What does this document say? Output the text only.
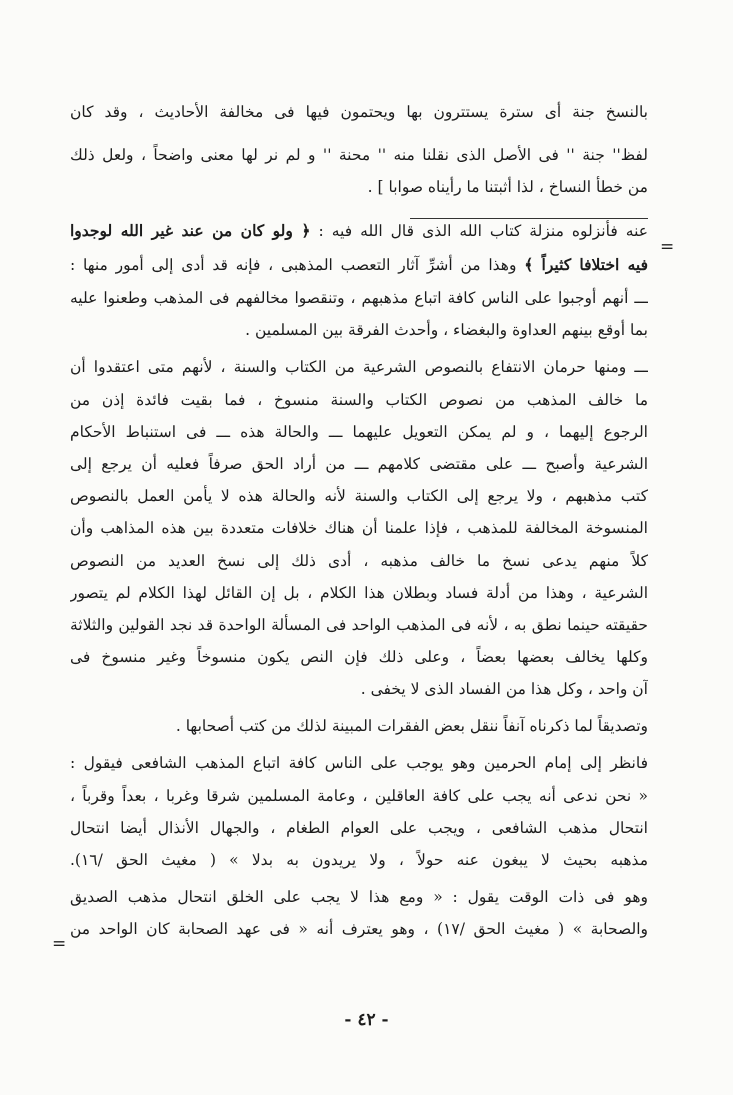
بالنسخ جنة أى سترة يستترون بها ويحتمون فيها فى مخالفة الأحاديث ، وقد كان
لفظ'' جنة '' فى الأصل الذى نقلنا منه '' محنة '' و لم نر لها معنى واضحاً ، ولعل ذلك
من خطأ النساخ ، لذا أثبتنا ما رأيناه صوابا ] .
=
عنه فأنزلوه منزلة كتاب الله الذى قال الله فيه : ﴿ ولو كان من عند غير الله لوجدوا
فيه اختلافا كثيراً ﴾ وهذا من أشرِّ آثار التعصب المذهبى ، فإنه قد أدى إلى أمور منها :
ـــ أنهم أوجبوا على الناس كافة اتباع مذهبهم ، وتنقصوا مخالفهم فى المذهب وطعنوا عليه
بما أوقع بينهم العداوة والبغضاء ، وأحدث الفرقة بين المسلمين .
ـــ ومنها حرمان الانتفاع بالنصوص الشرعية من الكتاب والسنة ، لأنهم متى اعتقدوا أن
ما خالف المذهب من نصوص الكتاب والسنة منسوخ ، فما بقيت فائدة إذن من
الرجوع إليهما ، و لم يمكن التعويل عليهما ـــ والحالة هذه ـــ فى استنباط الأحكام
الشرعية وأصبح ـــ على مقتضى كلامهم ـــ من أراد الحق صرفاً فعليه أن يرجع إلى
كتب مذهبهم ، ولا يرجع إلى الكتاب والسنة لأنه والحالة هذه لا يأمن العمل بالنصوص
المنسوخة المخالفة للمذهب ، فإذا علمنا أن هناك خلافات متعددة بين هذه المذاهب وأن
كلاً منهم يدعى نسخ ما خالف مذهبه ، أدى ذلك إلى نسخ العديد من النصوص
الشرعية ، وهذا من أدلة فساد وبطلان هذا الكلام ، بل إن القائل لهذا الكلام لم يتصور
حقيقته حينما نطق به ، لأنه فى المذهب الواحد فى المسألة الواحدة قد نجد القولين والثلاثة
وكلها يخالف بعضها بعضاً ، وعلى ذلك فإن النص يكون منسوخاً وغير منسوخ فى
آن واحد ، وكل هذا من الفساد الذى لا يخفى .
وتصديقاً لما ذكرناه آنفاً ننقل بعض الفقرات المبينة لذلك من كتب أصحابها .
فانظر إلى إمام الحرمين وهو يوجب على الناس كافة اتباع المذهب الشافعى فيقول :
« نحن ندعى أنه يجب على كافة العاقلين ، وعامة المسلمين شرقا وغربا ، بعداً وقرباً ،
انتحال مذهب الشافعى ، ويجب على العوام الطغام ، والجهال الأنذال أيضا انتحال
مذهبه بحيث لا يبغون عنه حولاً ، ولا يريدون به بدلا » ( مغيث الحق /١٦).
وهو فى ذات الوقت يقول : « ومع هذا لا يجب على الخلق انتحال مذهب الصديق
والصحابة » ( مغيث الحق /١٧) ، وهو يعترف أنه « فى عهد الصحابة كان الواحد من
=
- ٤٢ -
